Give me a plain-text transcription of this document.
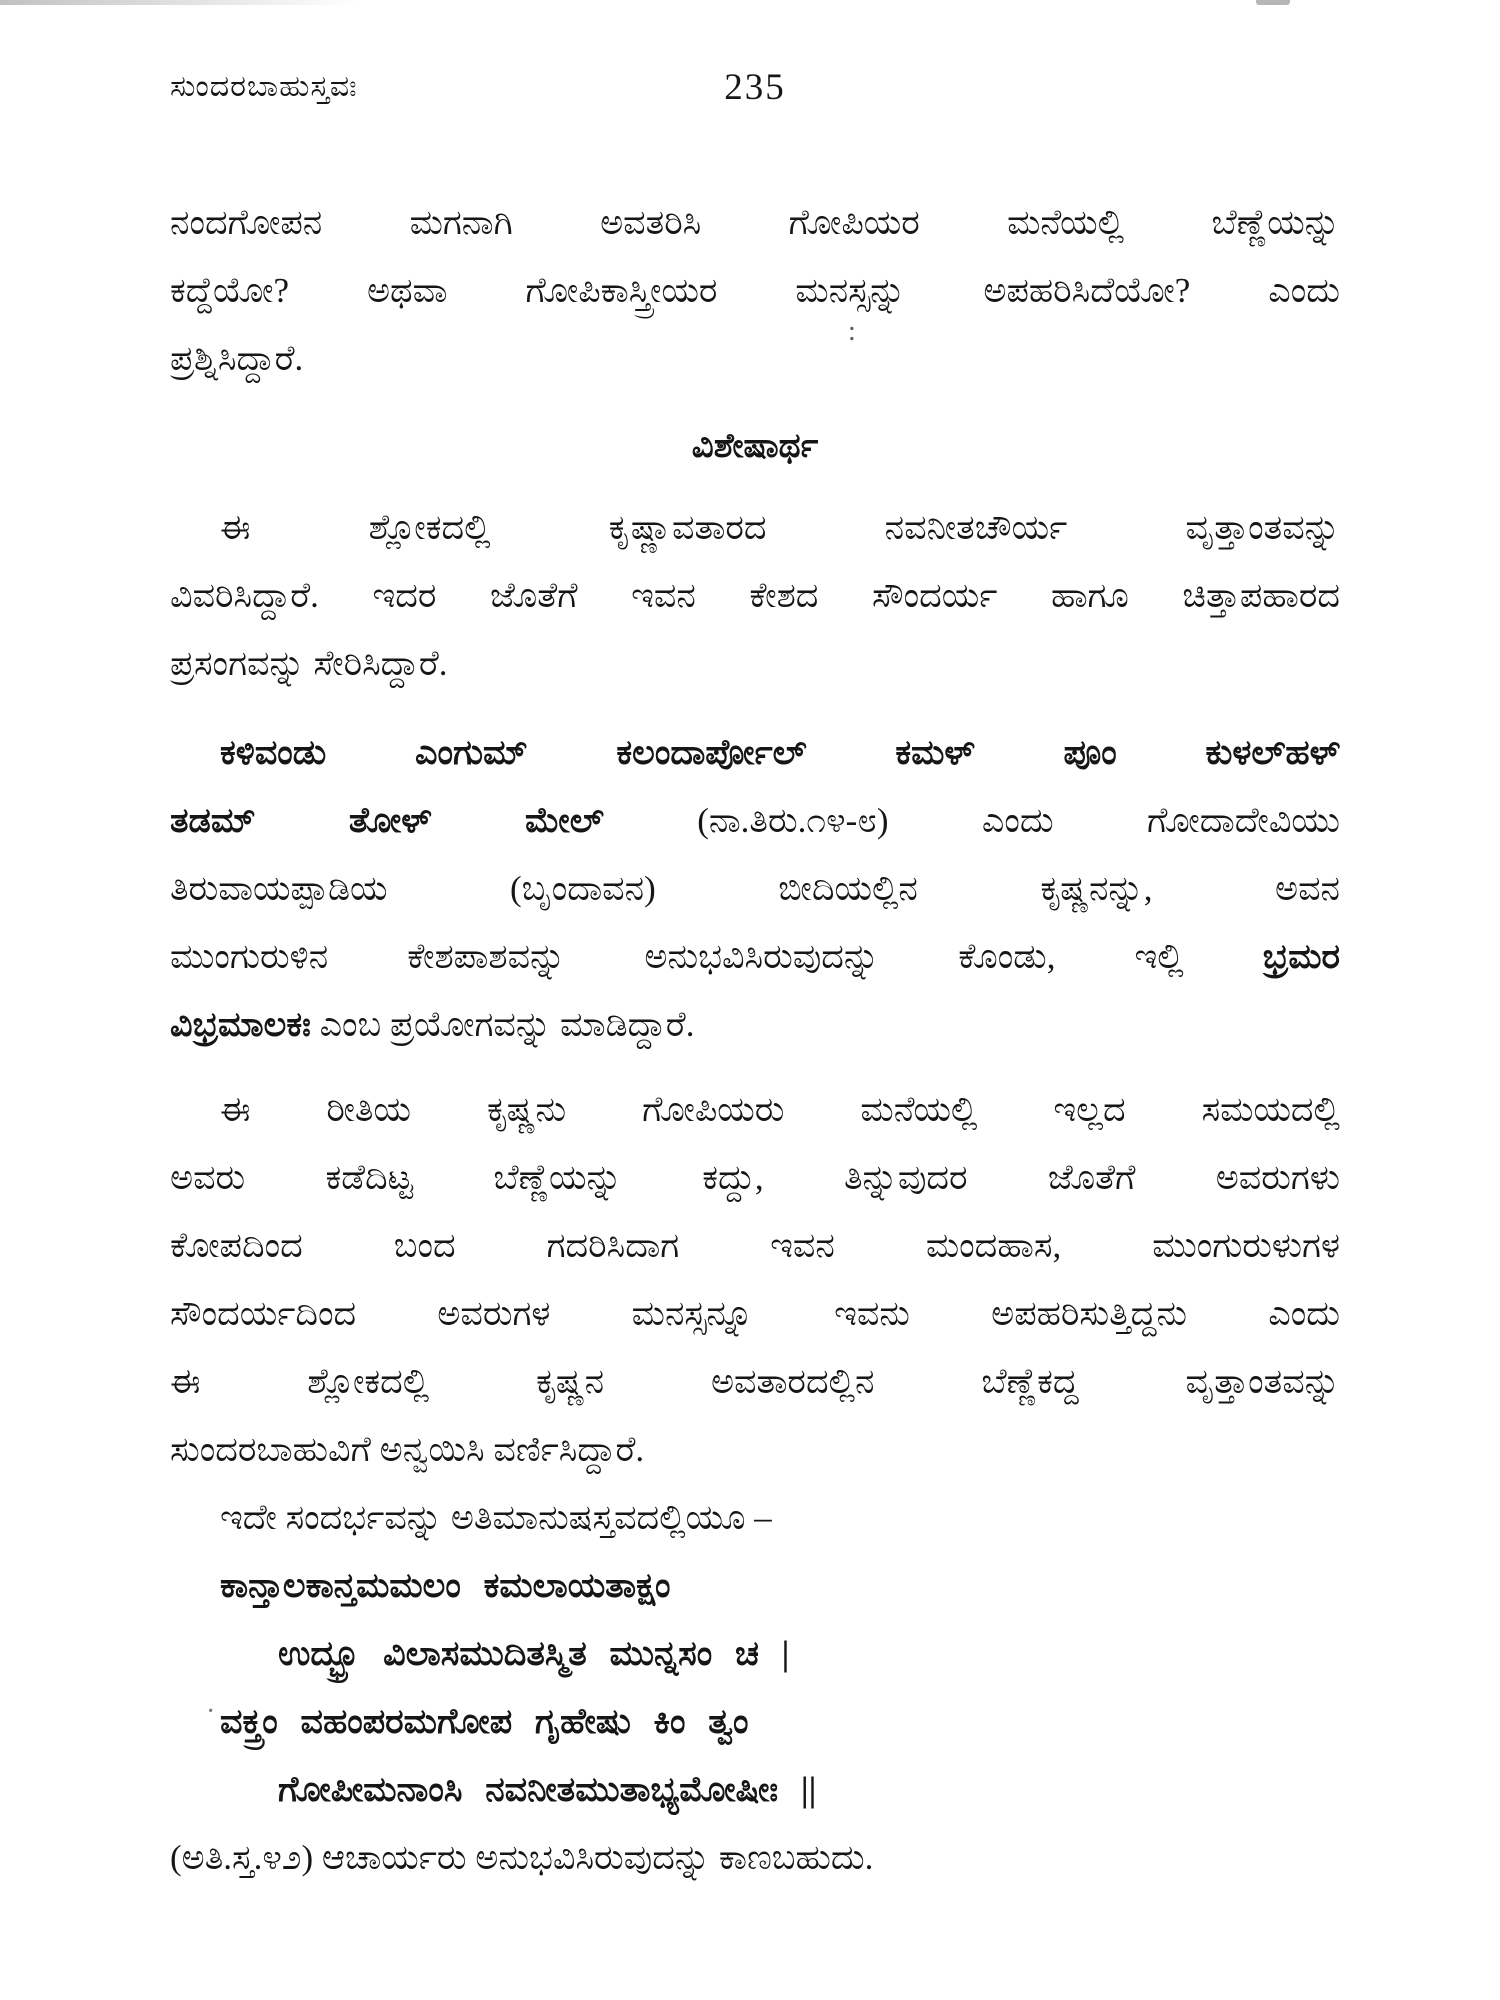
ಸುಂದರಬಾಹುಸ್ತವಃ	235
ನಂದಗೋಪನ ಮಗನಾಗಿ ಅವತರಿಸಿ ಗೋಪಿಯರ ಮನೆಯಲ್ಲಿ ಬೆಣ್ಣೆಯನ್ನು
ಕದ್ದೆಯೋ? ಅಥವಾ ಗೋಪಿಕಾಸ್ತ್ರೀಯರ ಮನಸ್ಸನ್ನು ಅಪಹರಿಸಿದೆಯೋ? ಎಂದು
ಪ್ರಶ್ನಿಸಿದ್ದಾರೆ.
ವಿಶೇಷಾರ್ಥ
ಈ ಶ್ಲೋಕದಲ್ಲಿ ಕೃಷ್ಣಾವತಾರದ ನವನೀತಚೌರ್ಯ ವೃತ್ತಾಂತವನ್ನು
ವಿವರಿಸಿದ್ದಾರೆ. ಇದರ ಜೊತೆಗೆ ಇವನ ಕೇಶದ ಸೌಂದರ್ಯ ಹಾಗೂ ಚಿತ್ತಾಪಹಾರದ
ಪ್ರಸಂಗವನ್ನು ಸೇರಿಸಿದ್ದಾರೆ.
ಕಳಿವಂಡು ಎಂಗುಮ್ ಕಲಂದಾರ್ಪೋಲ್ ಕಮಳ್ ಪೂಂ ಕುಳಲ್‌ಹಳ್
ತಡಮ್ ತೋಳ್ ಮೇಲ್ (ನಾ.ತಿರು.೧೪-೮) ಎಂದು ಗೋದಾದೇವಿಯು
ತಿರುವಾಯಪ್ಪಾಡಿಯ (ಬೃಂದಾವನ) ಬೀದಿಯಲ್ಲಿನ ಕೃಷ್ಣನನ್ನು, ಅವನ
ಮುಂಗುರುಳಿನ ಕೇಶಪಾಶವನ್ನು ಅನುಭವಿಸಿರುವುದನ್ನು ಕೊಂಡು, ಇಲ್ಲಿ ಭ್ರಮರ
ವಿಭ್ರಮಾಲಕಃ ಎಂಬ ಪ್ರಯೋಗವನ್ನು ಮಾಡಿದ್ದಾರೆ.
ಈ ರೀತಿಯ ಕೃಷ್ಣನು ಗೋಪಿಯರು ಮನೆಯಲ್ಲಿ ಇಲ್ಲದ ಸಮಯದಲ್ಲಿ
ಅವರು ಕಡೆದಿಟ್ಟ ಬೆಣ್ಣೆಯನ್ನು ಕದ್ದು, ತಿನ್ನುವುದರ ಜೊತೆಗೆ ಅವರುಗಳು
ಕೋಪದಿಂದ ಬಂದ ಗದರಿಸಿದಾಗ ಇವನ ಮಂದಹಾಸ, ಮುಂಗುರುಳುಗಳ
ಸೌಂದರ್ಯದಿಂದ ಅವರುಗಳ ಮನಸ್ಸನ್ನೂ ಇವನು ಅಪಹರಿಸುತ್ತಿದ್ದನು ಎಂದು
ಈ ಶ್ಲೋಕದಲ್ಲಿ ಕೃಷ್ಣನ ಅವತಾರದಲ್ಲಿನ ಬೆಣ್ಣೆಕದ್ದ ವೃತ್ತಾಂತವನ್ನು
ಸುಂದರಬಾಹುವಿಗೆ ಅನ್ವಯಿಸಿ ವರ್ಣಿಸಿದ್ದಾರೆ.
ಇದೇ ಸಂದರ್ಭವನ್ನು ಅತಿಮಾನುಷಸ್ತವದಲ್ಲಿಯೂ –
ಕಾನ್ತಾಲಕಾನ್ತಮಮಲಂ ಕಮಲಾಯತಾಕ್ಷಂ
ಉದ್ಭ್ರೂ ವಿಲಾಸಮುದಿತಸ್ಮಿತ ಮುನ್ನಸಂ ಚ |
ವಕ್ತ್ರಂ ವಹಂಪರಮಗೋಪ ಗೃಹೇಷು ಕಿಂ ತ್ವಂ
ಗೋಪೀಮನಾಂಸಿ ನವನೀತಮುತಾಭ್ಯಮೋಷೀಃ ||
(ಅತಿ.ಸ್ತ.೪೨) ಆಚಾರ್ಯರು ಅನುಭವಿಸಿರುವುದನ್ನು ಕಾಣಬಹುದು.
:
·
